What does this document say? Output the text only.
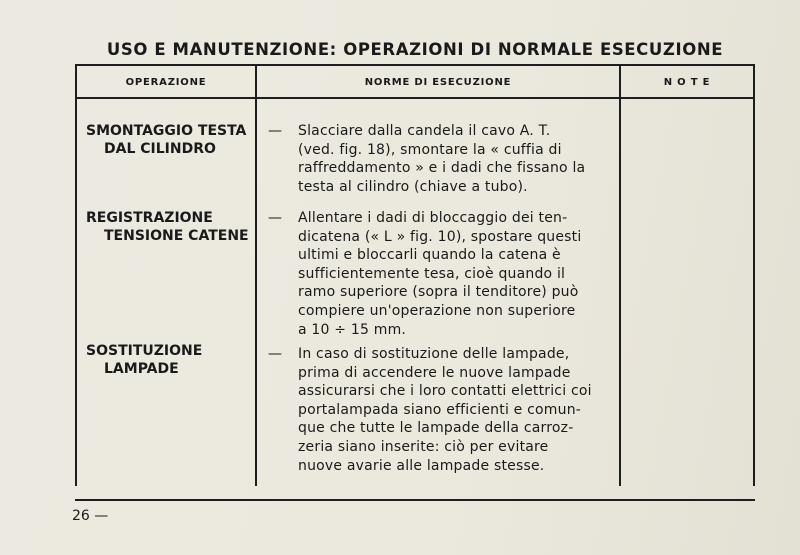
USO E MANUTENZIONE: OPERAZIONI DI NORMALE ESECUZIONE
OPERAZIONE	NORME DI ESECUZIONE	N O T E
SMONTAGGIO TESTA
DAL CILINDRO
— Slacciare dalla candela il cavo A. T.
(ved. fig. 18), smontare la « cuffia di
raffreddamento » e i dadi che fissano la
testa al cilindro (chiave a tubo).
REGISTRAZIONE
TENSIONE CATENE
— Allentare i dadi di bloccaggio dei ten-
dicatena (« L » fig. 10), spostare questi
ultimi e bloccarli quando la catena è
sufficientemente tesa, cioè quando il
ramo superiore (sopra il tenditore) può
compiere un'operazione non superiore
a 10 ÷ 15 mm.
SOSTITUZIONE
LAMPADE
— In caso di sostituzione delle lampade,
prima di accendere le nuove lampade
assicurarsi che i loro contatti elettrici coi
portalampada siano efficienti e comun-
que che tutte le lampade della carroz-
zeria siano inserite: ciò per evitare
nuove avarie alle lampade stesse.
26 —
